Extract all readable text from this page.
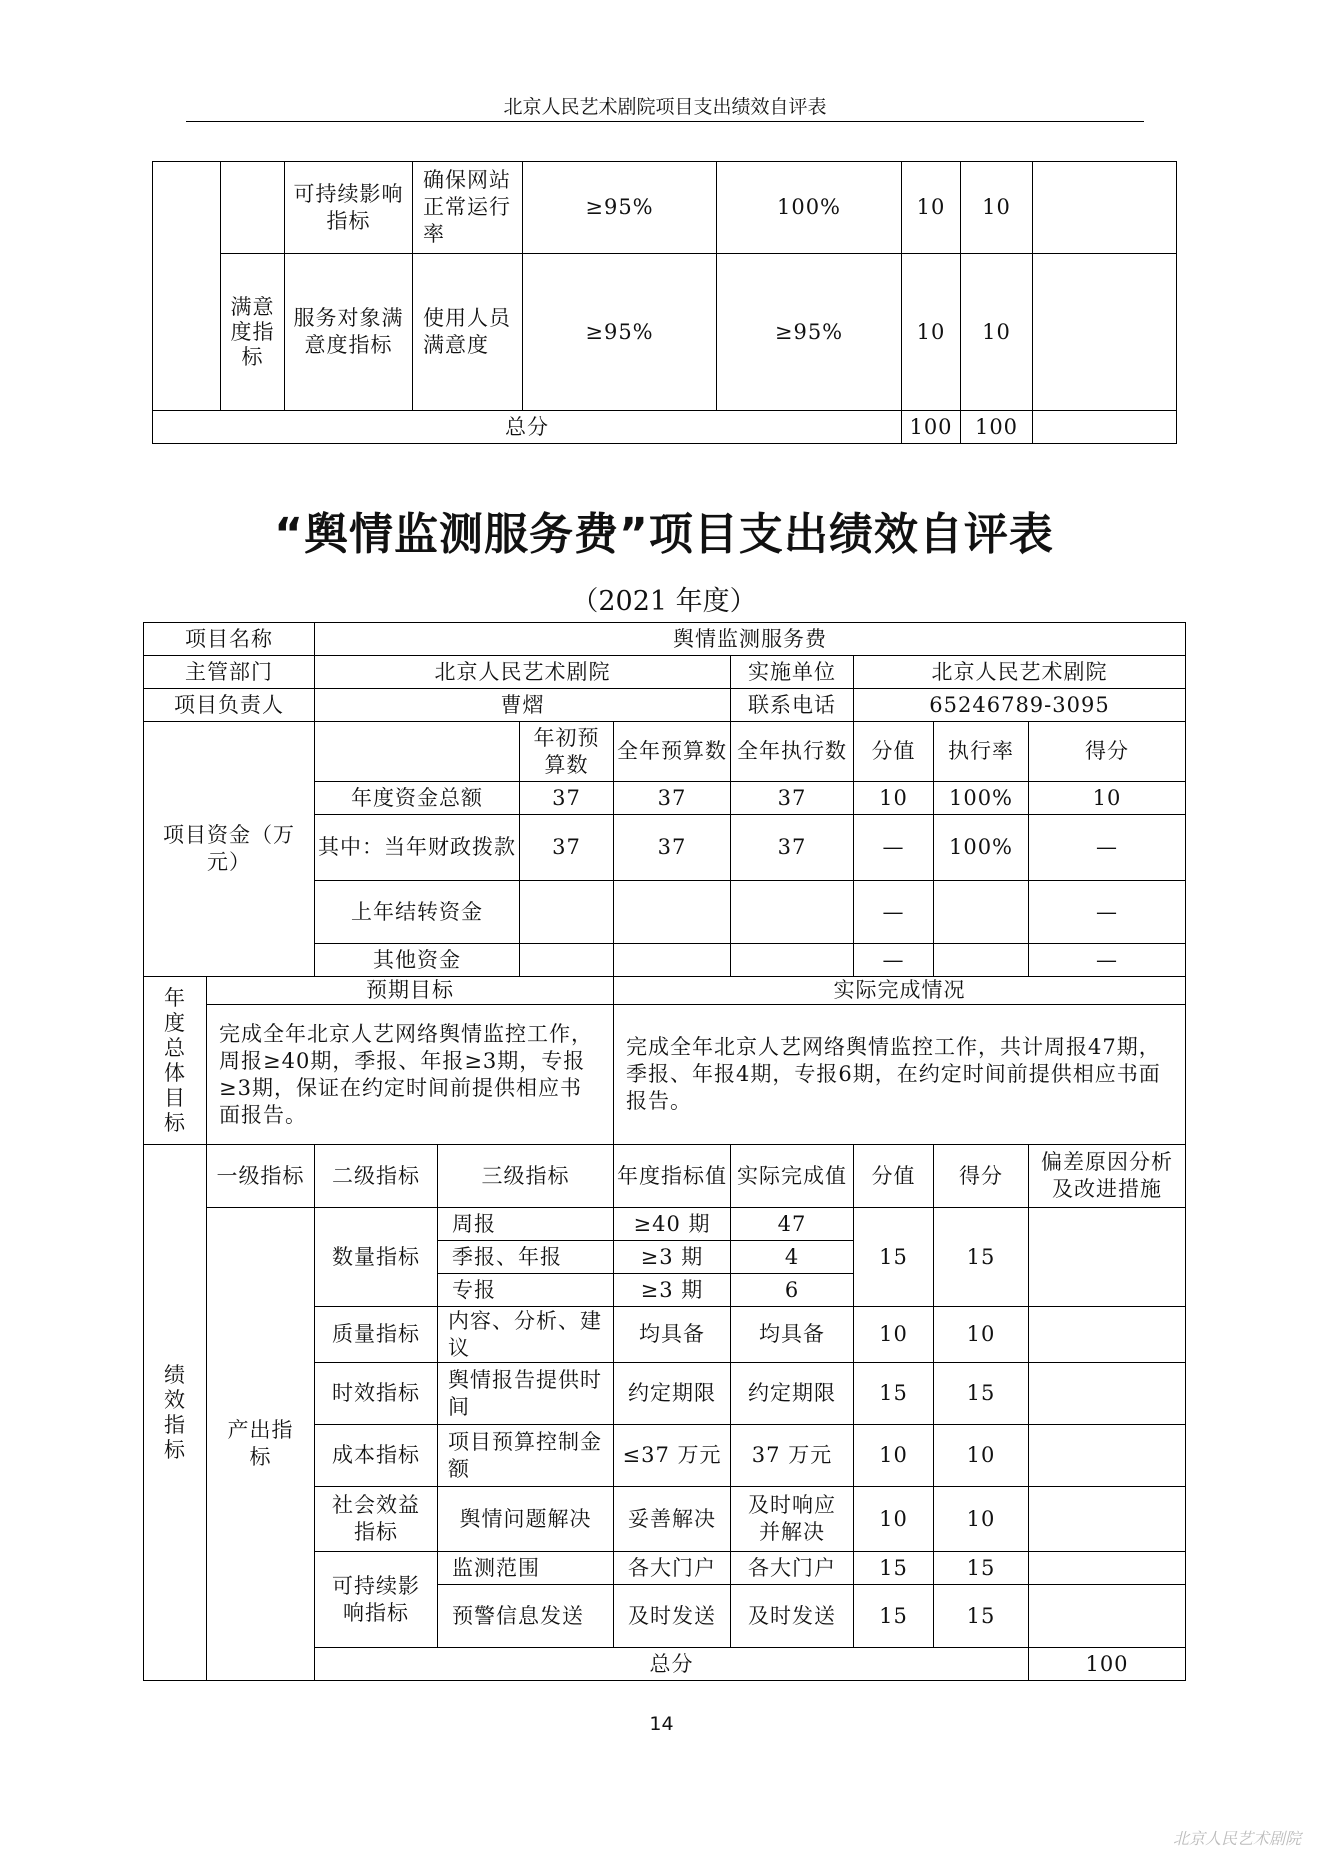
北京人民艺术剧院项目支出绩效自评表
		可持续影响指标	确保网站正常运行率	≥95%	100%	10	10	
	满意度指标	服务对象满意度指标	使用人员满意度	≥95%	≥95%	10	10	
总分						100	100	
“舆情监测服务费”项目支出绩效自评表
（2021 年度）
项目名称		舆情监测服务费								
主管部门		北京人民艺术剧院				实施单位	北京人民艺术剧院			
项目负责人		曹熠				联系电话	65246789-3095			
项目资金（万元）				年初预算数	全年预算数	全年执行数	分值	执行率	得分	
		年度资金总额		37	37	37	10	100%	10	
		其中：当年财政拨款		37	37	37	—	100%	—	
		上年结转资金					—		—	
		其他资金					—		—	
年度总体目标	预期目标				实际完成情况					
	完成全年北京人艺网络舆情监控工作，周报≥40期，季报、年报≥3期，专报≥3期，保证在约定时间前提供相应书面报告。				完成全年北京人艺网络舆情监控工作，共计周报47期，季报、年报4期，专报6期，在约定时间前提供相应书面报告。					
绩效指标	一级指标	二级指标	三级指标		年度指标值	实际完成值	分值	得分	偏差原因分析及改进措施	
	产出指标	数量指标	周报		≥40 期	47	15	15		
			季报、年报		≥3 期	4				
			专报		≥3 期	6				
		质量指标	内容、分析、建议		均具备	均具备	10	10		
		时效指标	舆情报告提供时间		约定期限	约定期限	15	15		
		成本指标	项目预算控制金额		≤37 万元	37 万元	10	10		
		社会效益指标	舆情问题解决		妥善解决	及时响应并解决	10	10		
		可持续影响指标	监测范围		各大门户	各大门户	15	15		
			预警信息发送		及时发送	及时发送	15	15		
		总分							100		
14
北京人民艺术剧院
